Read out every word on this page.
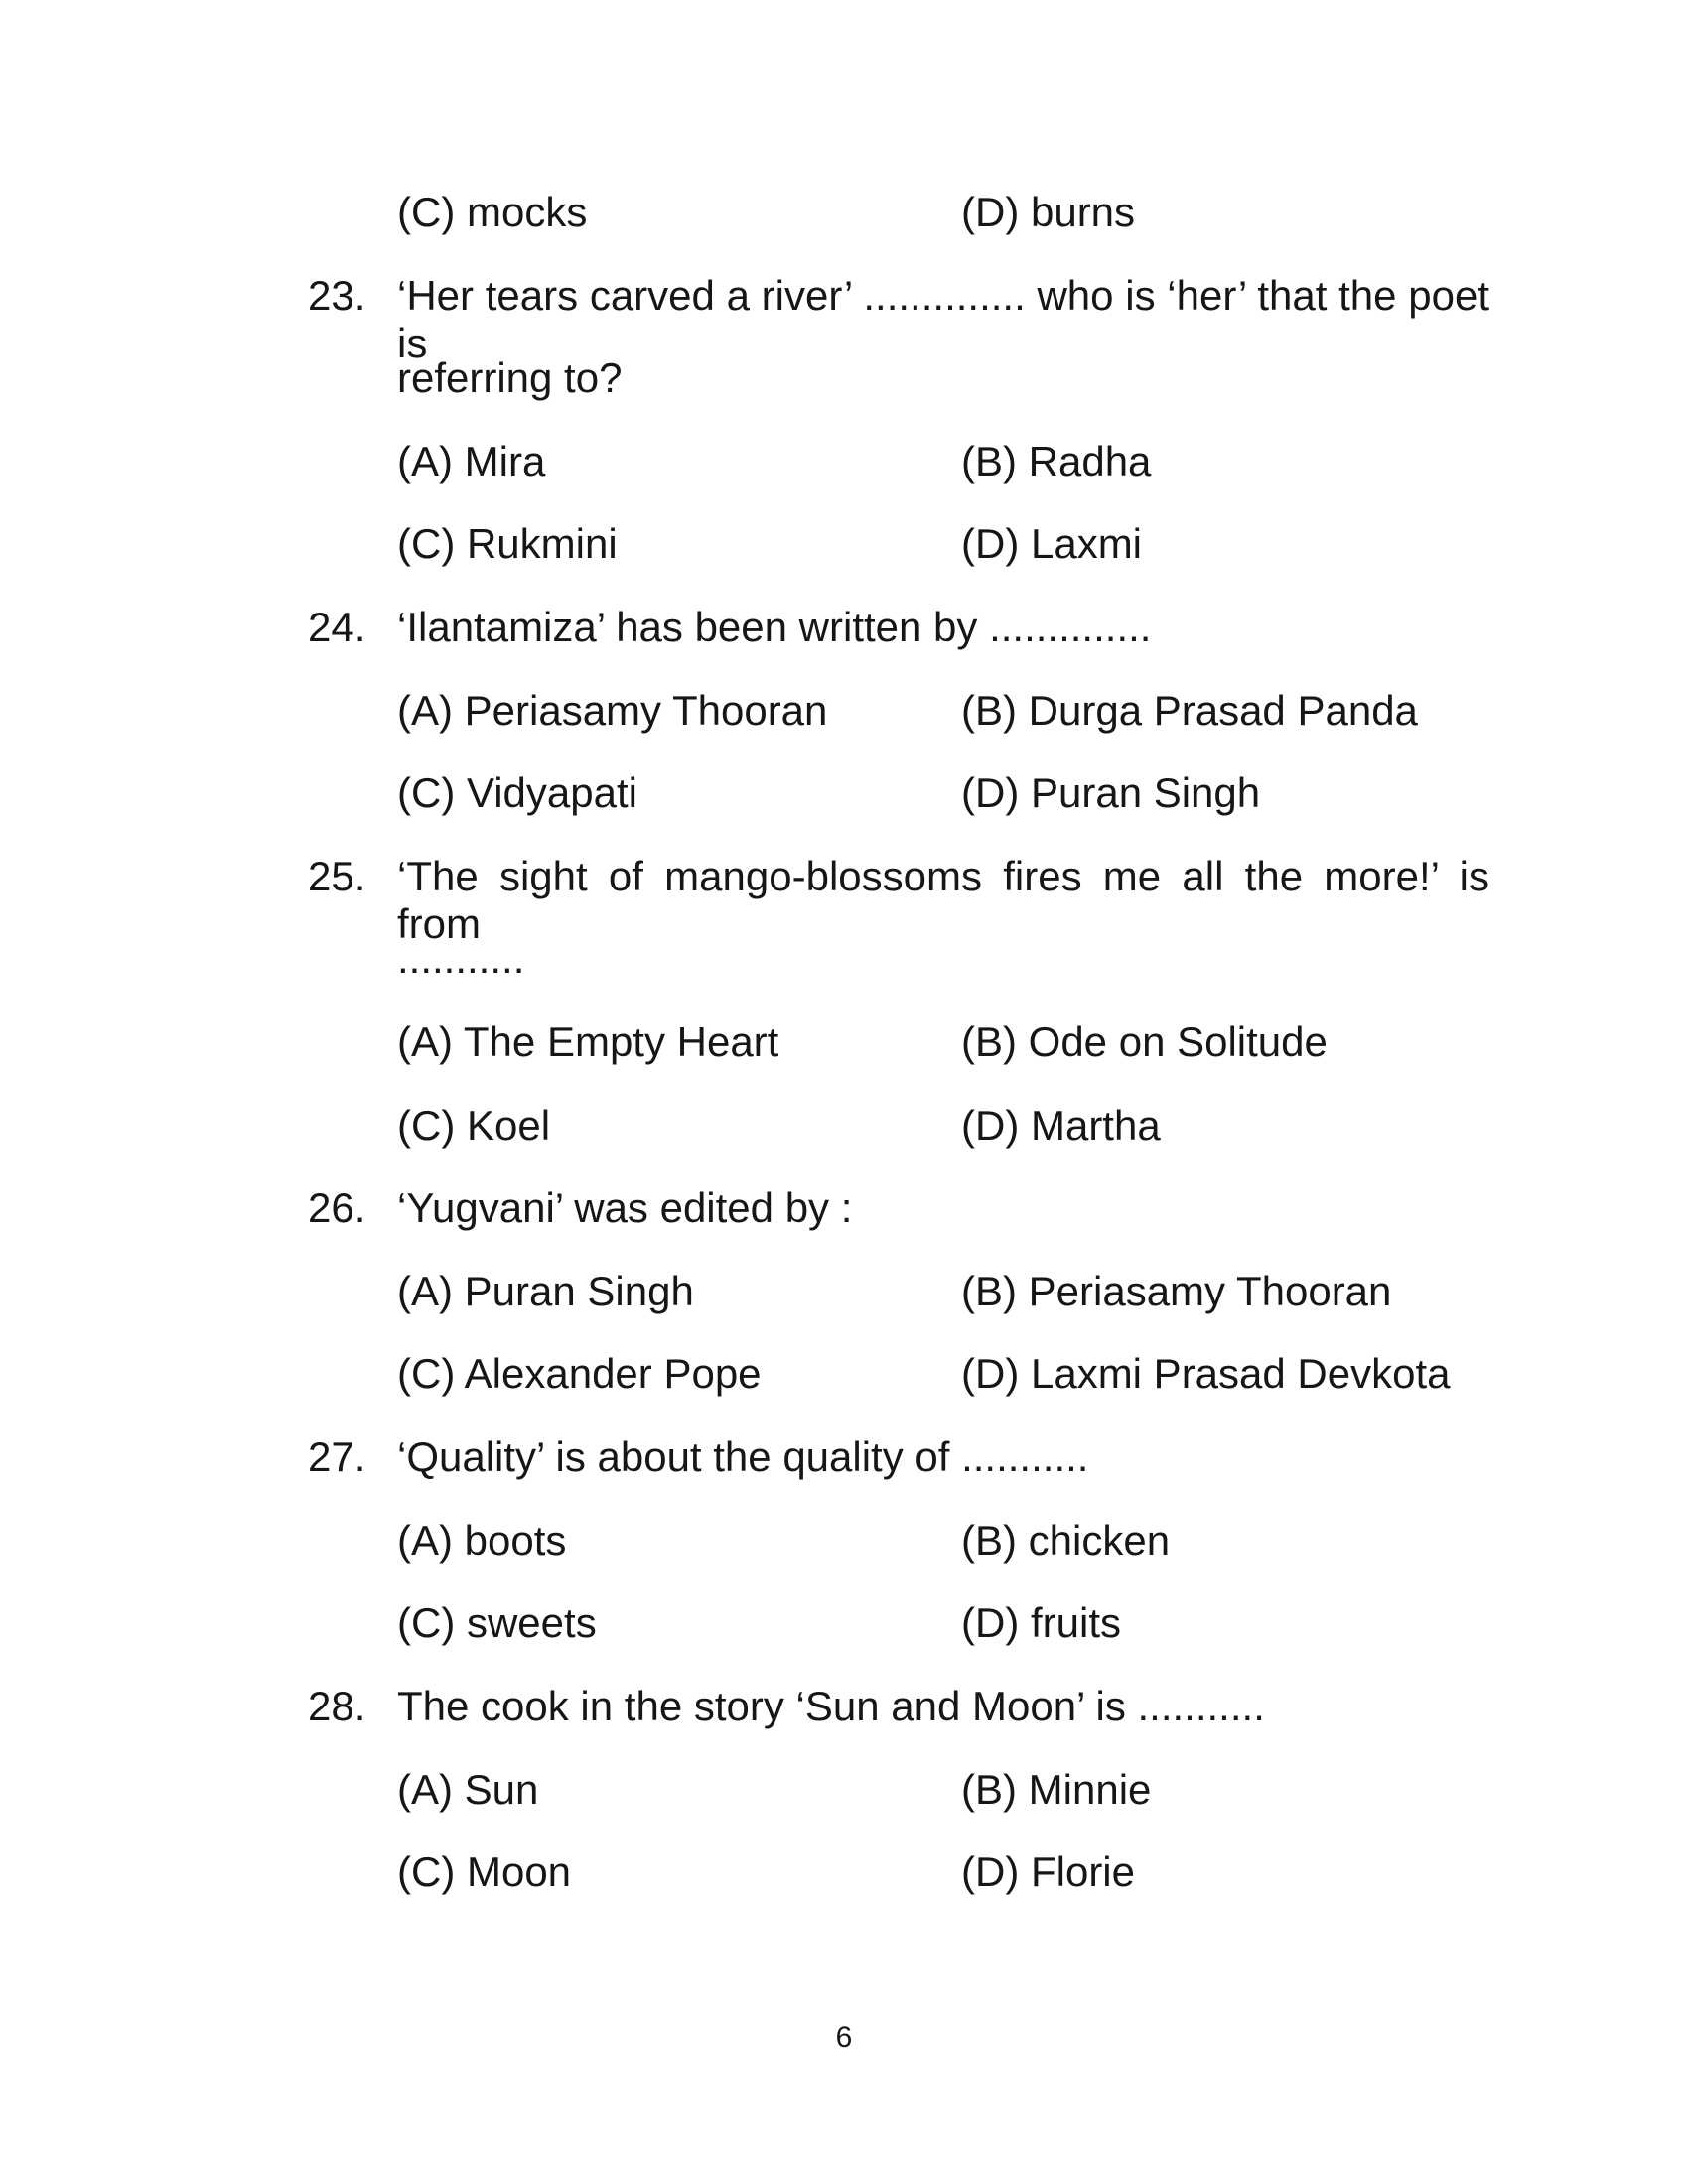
(C) mocks	(D) burns
23. ‘Her tears carved a river’ .............. who is ‘her’ that the poet is
referring to?
(A) Mira	(B) Radha
(C) Rukmini	(D) Laxmi
24. ‘Ilantamiza’ has been written by ..............
(A) Periasamy Thooran	(B) Durga Prasad Panda
(C) Vidyapati	(D) Puran Singh
25. ‘The sight of mango-blossoms fires me all the more!’ is from
...........
(A) The Empty Heart	(B) Ode on Solitude
(C) Koel	(D) Martha
26. ‘Yugvani’ was edited by :
(A) Puran Singh	(B) Periasamy Thooran
(C) Alexander Pope	(D) Laxmi Prasad Devkota
27. ‘Quality’ is about the quality of ...........
(A) boots	(B) chicken
(C) sweets	(D) fruits
28. The cook in the story ‘Sun and Moon’ is ...........
(A) Sun	(B) Minnie
(C) Moon	(D) Florie
6
